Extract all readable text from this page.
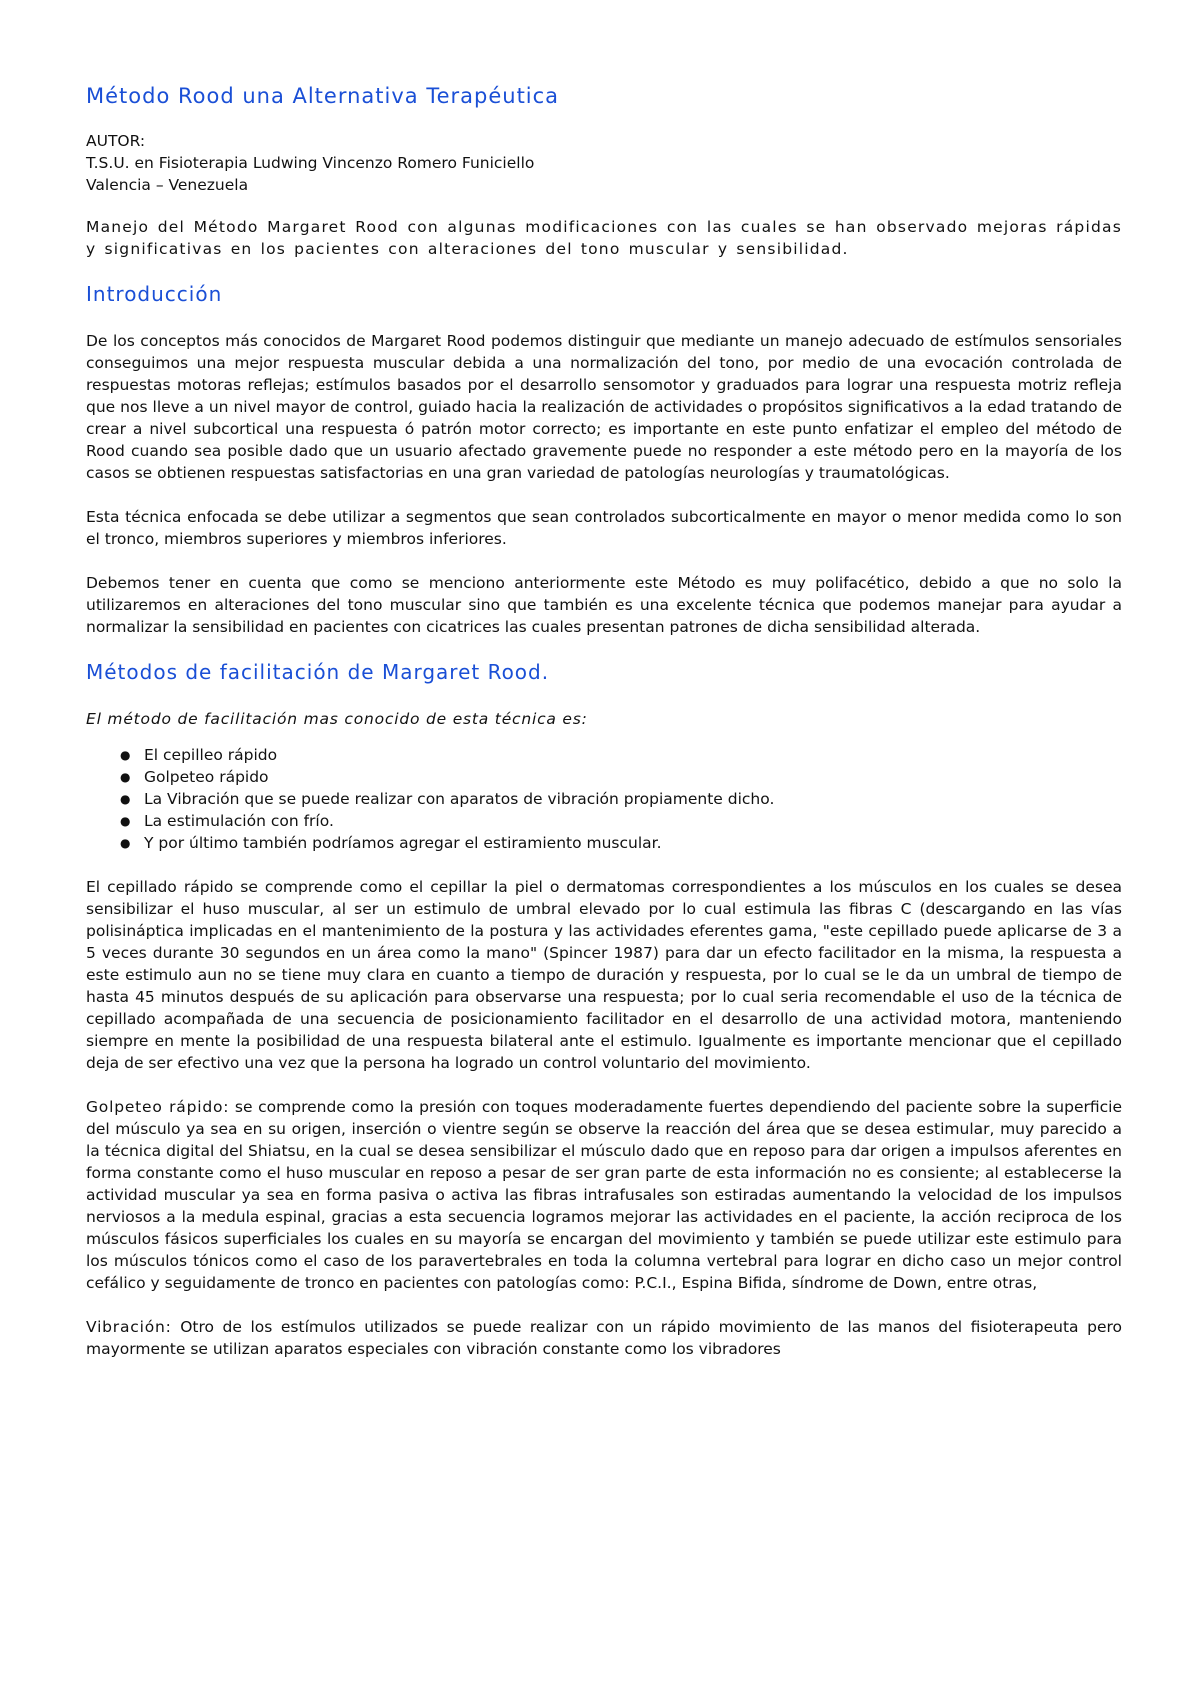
Método Rood una Alternativa Terapéutica
AUTOR:
T.S.U. en Fisioterapia Ludwing Vincenzo Romero Funiciello
Valencia – Venezuela

Manejo del Método Margaret Rood con algunas modificaciones con las cuales se han observado mejoras rápidas y significativas en los pacientes con alteraciones del tono muscular y sensibilidad.

Introducción

De los conceptos más conocidos de Margaret Rood podemos distinguir que mediante un manejo adecuado de estímulos sensoriales conseguimos una mejor respuesta muscular debida a una normalización del tono, por medio de una evocación controlada de respuestas motoras reflejas; estímulos basados por el desarrollo sensomotor y graduados para lograr una respuesta motriz refleja que nos lleve a un nivel mayor de control, guiado hacia la realización de actividades o propósitos significativos a la edad tratando de crear a nivel subcortical una respuesta ó patrón motor correcto; es importante en este punto enfatizar el empleo del método de Rood cuando sea posible dado que un usuario afectado gravemente puede no responder a este método pero en la mayoría de los casos se obtienen respuestas satisfactorias en una gran variedad de patologías neurologías y traumatológicas.

Esta técnica enfocada se debe utilizar a segmentos que sean controlados subcorticalmente en mayor o menor medida como lo son el tronco, miembros superiores y miembros inferiores.

Debemos tener en cuenta que como se menciono anteriormente este Método es muy polifacético, debido a que no solo la utilizaremos en alteraciones del tono muscular sino que también es una excelente técnica que podemos manejar para ayudar a normalizar la sensibilidad en pacientes con cicatrices las cuales presentan patrones de dicha sensibilidad alterada.

Métodos de facilitación de Margaret Rood.

El método de facilitación mas conocido de esta técnica es:

● El cepilleo rápido
● Golpeteo rápido
● La Vibración que se puede realizar con aparatos de vibración propiamente dicho.
● La estimulación con frío.
● Y por último también podríamos agregar el estiramiento muscular.

El cepillado rápido se comprende como el cepillar la piel o dermatomas correspondientes a los músculos en los cuales se desea sensibilizar el huso muscular, al ser un estimulo de umbral elevado por lo cual estimula las fibras C (descargando en las vías polisináptica implicadas en el mantenimiento de la postura y las actividades eferentes gama, "este cepillado puede aplicarse de 3 a 5 veces durante 30 segundos en un área como la mano" (Spincer 1987) para dar un efecto facilitador en la misma, la respuesta a este estimulo aun no se tiene muy clara en cuanto a tiempo de duración y respuesta, por lo cual se le da un umbral de tiempo de hasta 45 minutos después de su aplicación para observarse una respuesta; por lo cual seria recomendable el uso de la técnica de cepillado acompañada de una secuencia de posicionamiento facilitador en el desarrollo de una actividad motora, manteniendo siempre en mente la posibilidad de una respuesta bilateral ante el estimulo. Igualmente es importante mencionar que el cepillado deja de ser efectivo una vez que la persona ha logrado un control voluntario del movimiento.

Golpeteo rápido: se comprende como la presión con toques moderadamente fuertes dependiendo del paciente sobre la superficie del músculo ya sea en su origen, inserción o vientre según se observe la reacción del área que se desea estimular, muy parecido a la técnica digital del Shiatsu, en la cual se desea sensibilizar el músculo dado que en reposo para dar origen a impulsos aferentes en forma constante como el huso muscular en reposo a pesar de ser gran parte de esta información no es consiente; al establecerse la actividad muscular ya sea en forma pasiva o activa las fibras intrafusales son estiradas aumentando la velocidad de los impulsos nerviosos a la medula espinal, gracias a esta secuencia logramos mejorar las actividades en el paciente, la acción reciproca de los músculos fásicos superficiales los cuales en su mayoría se encargan del movimiento y también se puede utilizar este estimulo para los músculos tónicos como el caso de los paravertebrales en toda la columna vertebral para lograr en dicho caso un mejor control cefálico y seguidamente de tronco en pacientes con patologías como: P.C.I., Espina Bifida, síndrome de Down, entre otras,

Vibración: Otro de los estímulos utilizados se puede realizar con un rápido movimiento de las manos del fisioterapeuta pero mayormente se utilizan aparatos especiales con vibración constante como los vibradores
